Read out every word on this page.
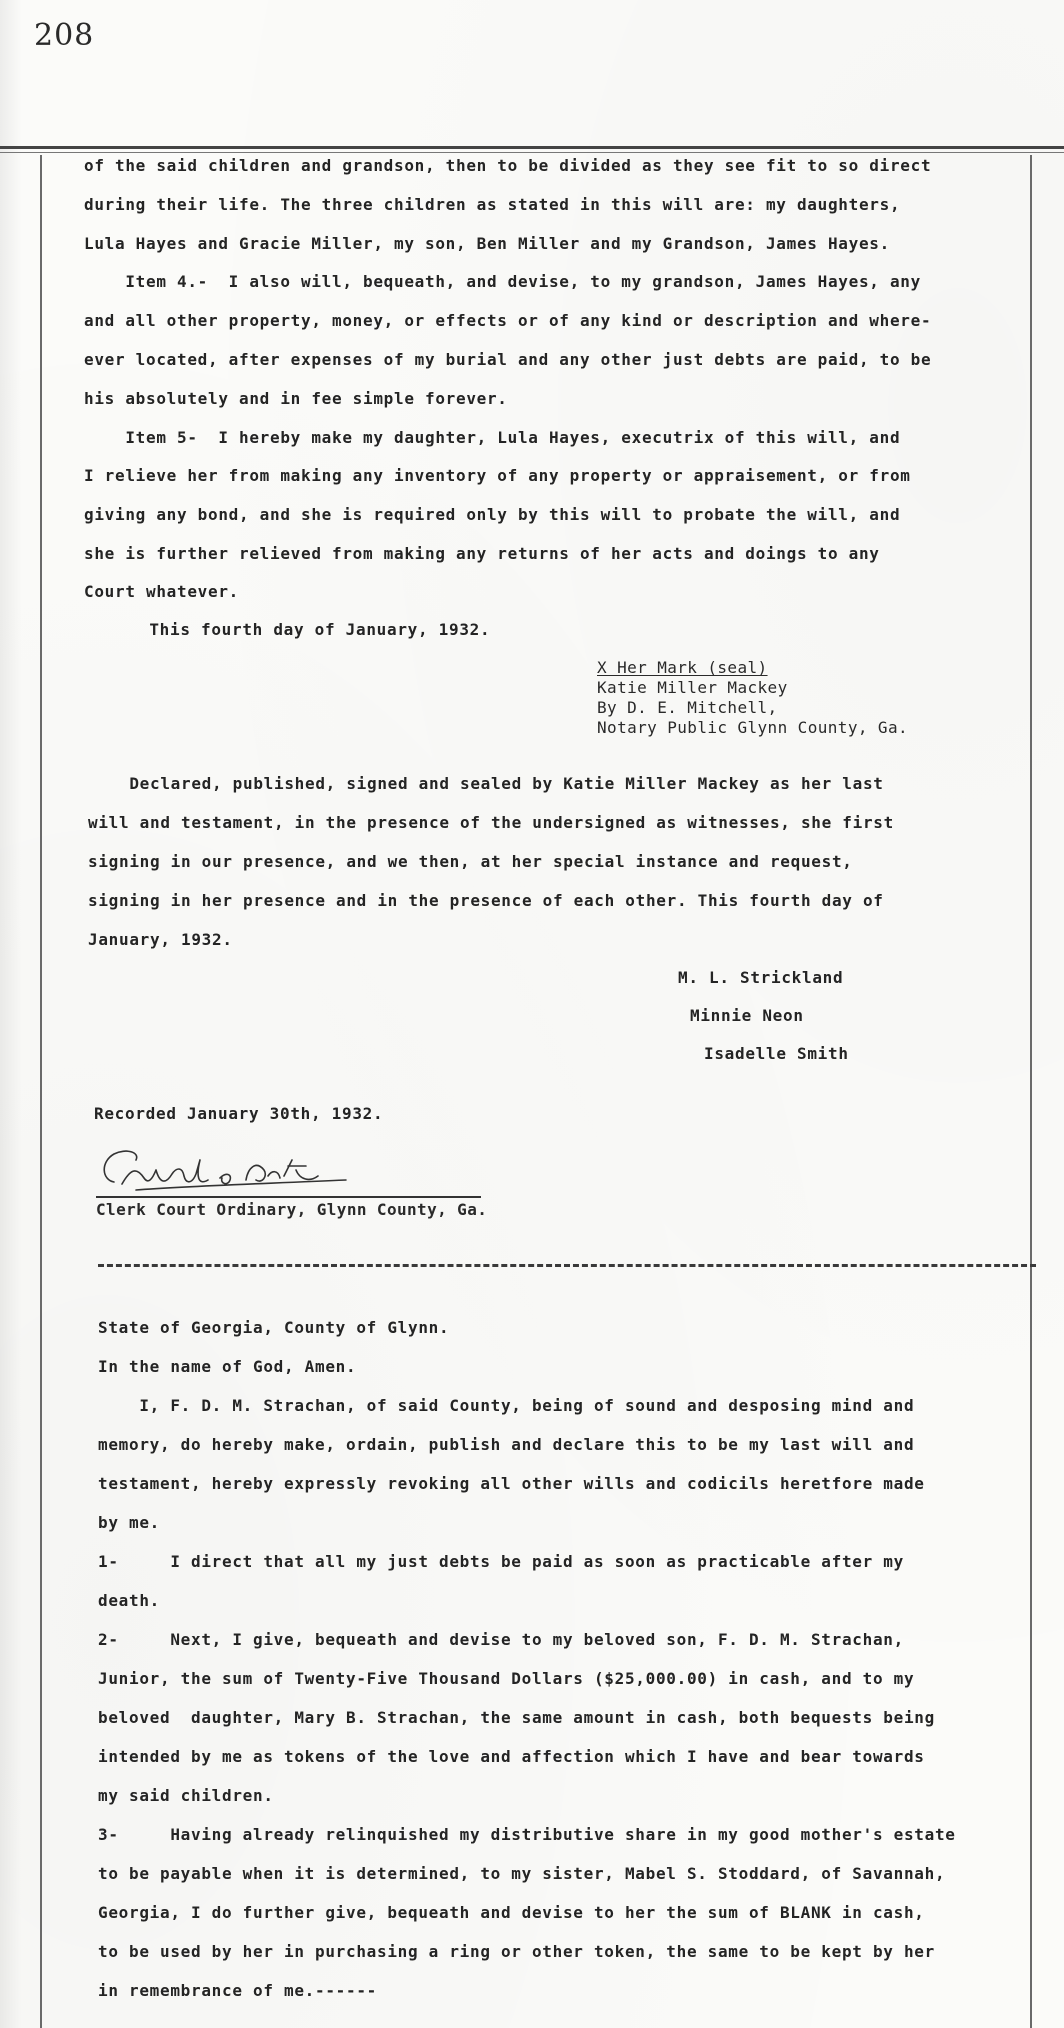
208
of the said children and grandson, then to be divided as they see fit to so direct
during their life. The three children as stated in this will are: my daughters,
Lula Hayes and Gracie Miller, my son, Ben Miller and my Grandson, James Hayes.
Item 4.-  I also will, bequeath, and devise, to my grandson, James Hayes, any
and all other property, money, or effects or of any kind or description and where-
ever located, after expenses of my burial and any other just debts are paid, to be
his absolutely and in fee simple forever.
Item 5-  I hereby make my daughter, Lula Hayes, executrix of this will, and
I relieve her from making any inventory of any property or appraisement, or from
giving any bond, and she is required only by this will to probate the will, and
she is further relieved from making any returns of her acts and doings to any
Court whatever.
This fourth day of January, 1932.
X Her Mark (seal)
Katie Miller Mackey
By D. E. Mitchell,
Notary Public Glynn County, Ga.
Declared, published, signed and sealed by Katie Miller Mackey as her last
will and testament, in the presence of the undersigned as witnesses, she first
signing in our presence, and we then, at her special instance and request,
signing in her presence and in the presence of each other. This fourth day of
January, 1932.
M. L. Strickland
Minnie Neon
Isadelle Smith
Recorded January 30th, 1932.
Clerk Court Ordinary, Glynn County, Ga.
State of Georgia, County of Glynn.
In the name of God, Amen.
I, F. D. M. Strachan, of said County, being of sound and desposing mind and
memory, do hereby make, ordain, publish and declare this to be my last will and
testament, hereby expressly revoking all other wills and codicils heretfore made
by me.
1-     I direct that all my just debts be paid as soon as practicable after my
death.
2-     Next, I give, bequeath and devise to my beloved son, F. D. M. Strachan,
Junior, the sum of Twenty-Five Thousand Dollars ($25,000.00) in cash, and to my
beloved  daughter, Mary B. Strachan, the same amount in cash, both bequests being
intended by me as tokens of the love and affection which I have and bear towards
my said children.
3-     Having already relinquished my distributive share in my good mother's estate
to be payable when it is determined, to my sister, Mabel S. Stoddard, of Savannah,
Georgia, I do further give, bequeath and devise to her the sum of BLANK in cash,
to be used by her in purchasing a ring or other token, the same to be kept by her
in remembrance of me.------
